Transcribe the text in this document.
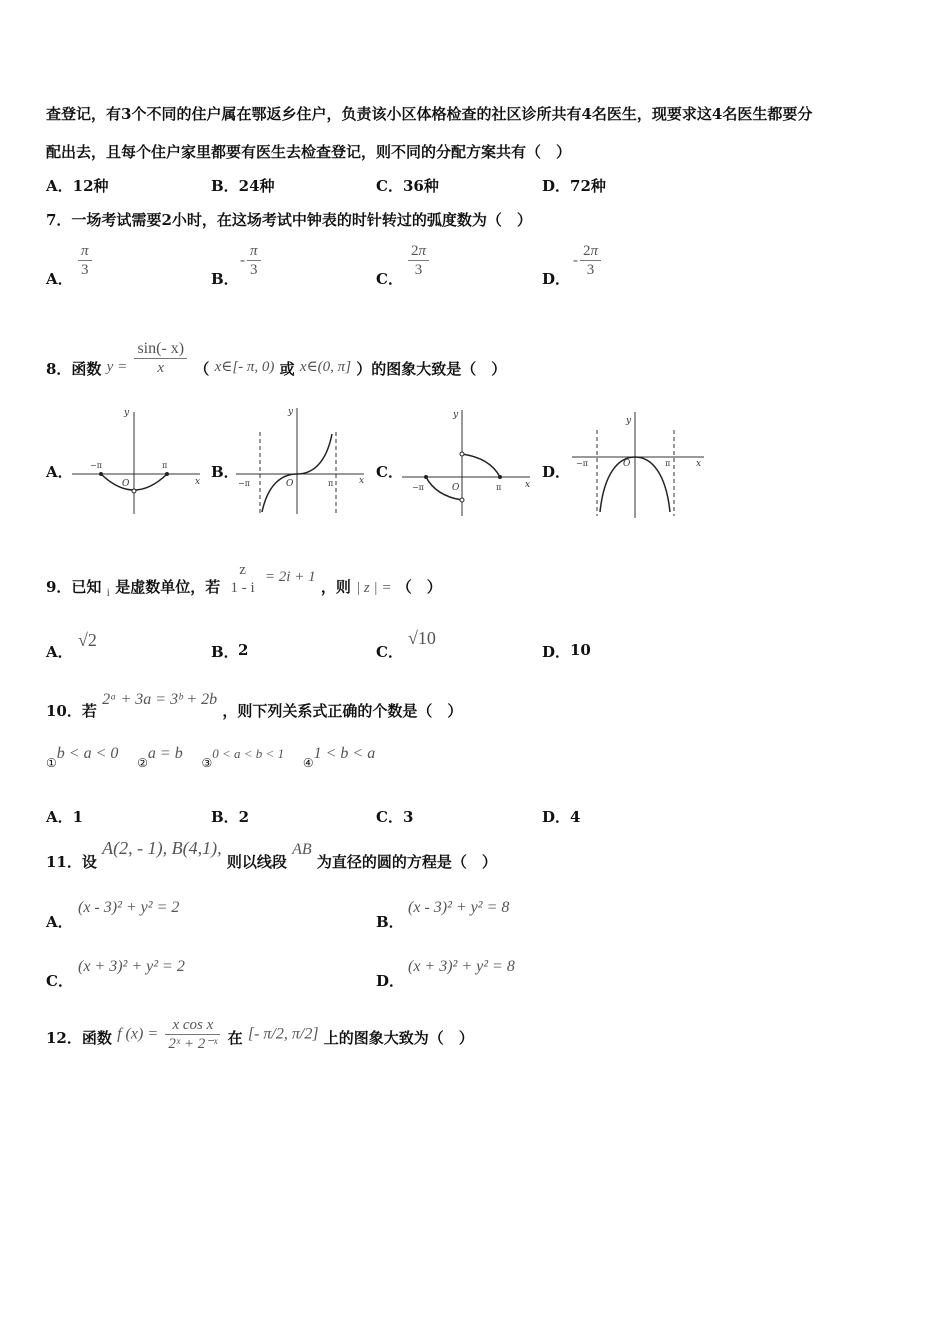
查登记，有3个不同的住户属在鄂返乡住户，负责该小区体格检查的社区诊所共有4名医生，现要求这4名医生都要分
配出去，且每个住户家里都要有医生去检查登记，则不同的分配方案共有（　）
A．12种	B．24种	C．36种	D．72种
7．一场考试需要2小时，在这场考试中钟表的时针转过的弧度数为（　）
A． $\frac{\pi}{3}$	B．
- $\frac{\pi}{3}$	C． $\frac{2\pi}{3}$	D．
- $\frac{2\pi}{3}$
8．函数 $y = \frac{\sin(- x)}{x}$ （ x∈[- π, 0) 或 x∈(0, π] ）的图象大致是（　）
A．	B．	C．	D．
y
x
O
−π	π
y
x
O
−π	π
y
x
O
−π	π
y
x
O
−π	π
9．已知 $_i$ 是虚数单位，若
z
1 - i
= 2i + 1 ，则 | z | = （　）
A．
√2
B． 2	C．
√10
D． 10
10．若 2ᵃ + 3a = 3ᵇ + 2b ，则下列关系式正确的个数是（　）
$_①$b < a < 0 $_②$a = b $_③$0 < a < b < 1 $_④$1 < b < a
A．1	B．2	C．3	D．4
11．设 A(2, - 1), B(4,1), 则以线段 AB 为直径的圆的方程是（　）
A．
(x - 3)² + y² = 2
B．
(x - 3)² + y² = 8
C．
(x + 3)² + y² = 2
D．
(x + 3)² + y² = 8
12．函数 f $(x) = \frac{\text{x cos x}}{\text{2ˣ + 2⁻ˣ}}$ 在 [- π/2, π/2] 上的图象大致为（　）
